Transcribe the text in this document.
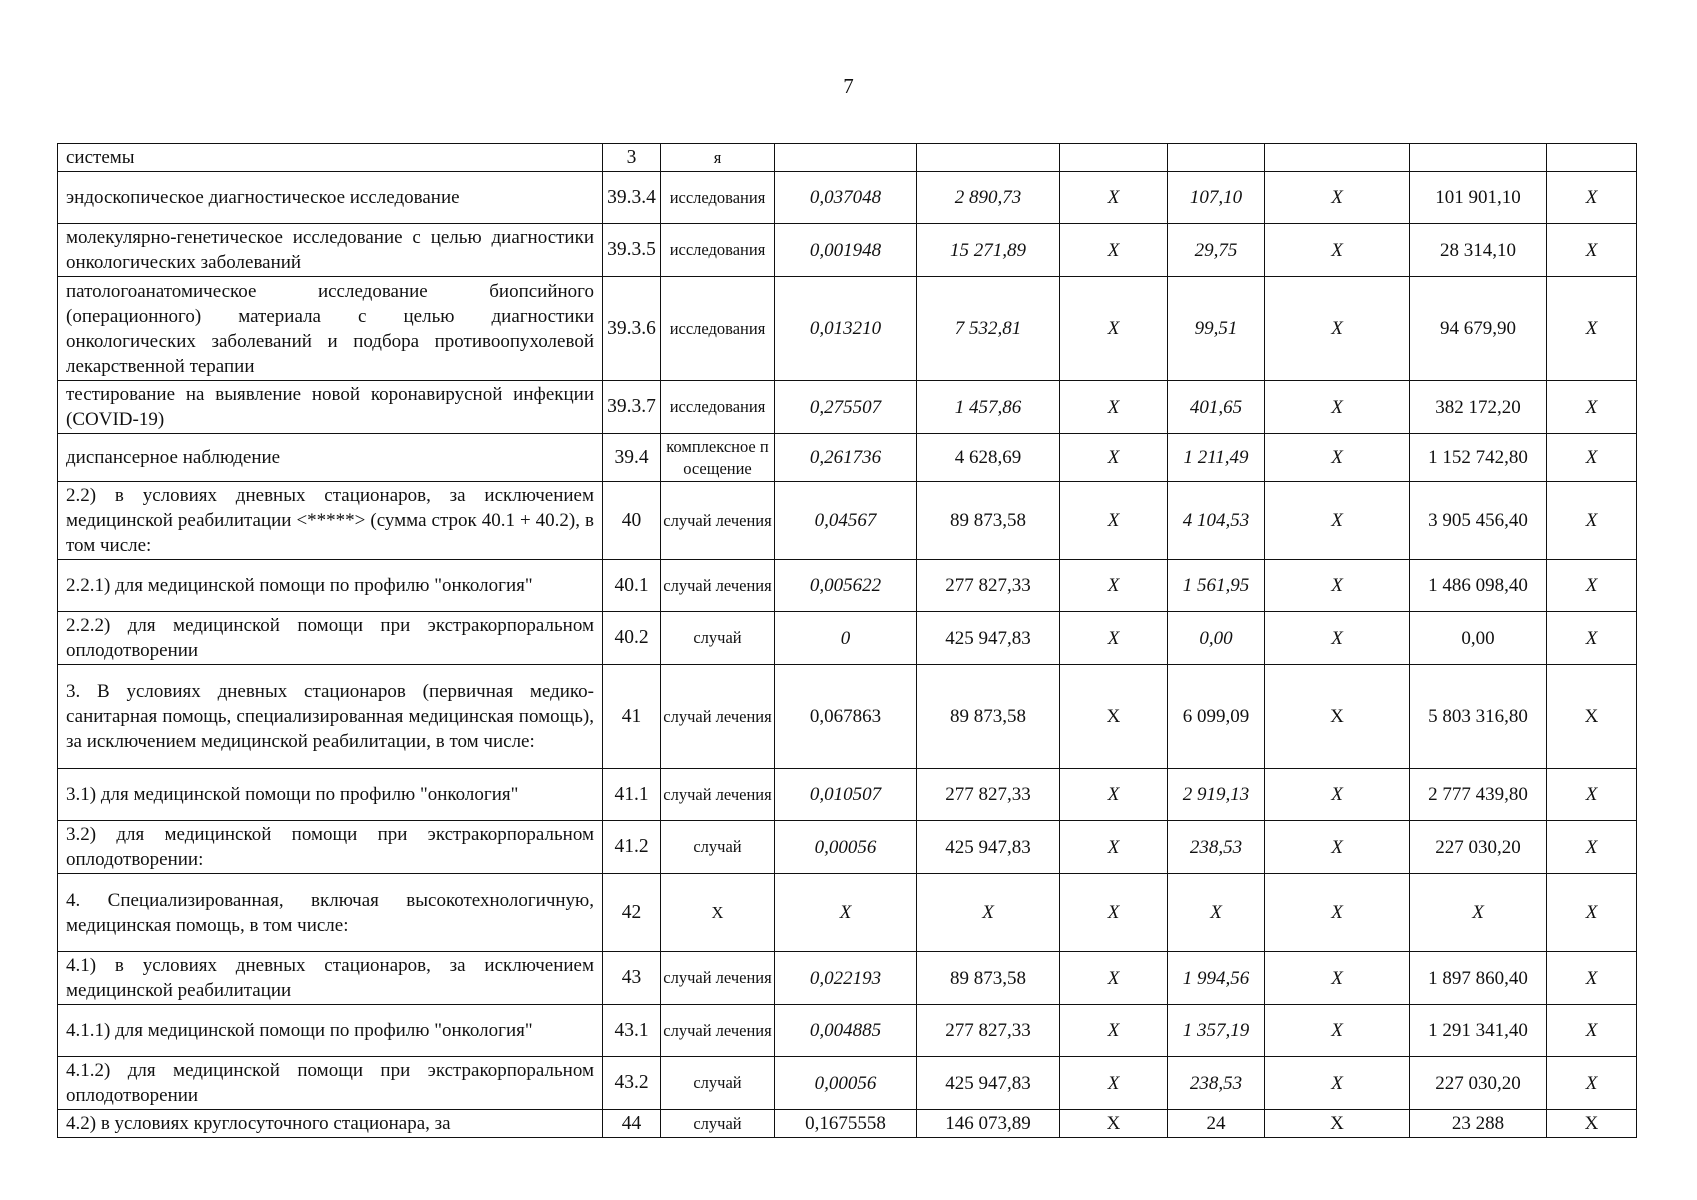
7
системы	3	я							
эндоскопическое диагностическое исследование	39.3.4	исследования	0,037048	2 890,73	X	107,10	X	101 901,10	X
молекулярно-генетическое исследование с целью диагностики онкологических заболеваний	39.3.5	исследования	0,001948	15 271,89	X	29,75	X	28 314,10	X
патологоанатомическое исследование биопсийного (операционного) материала с целью диагностики онкологических заболеваний и подбора противоопухолевой лекарственной терапии	39.3.6	исследования	0,013210	7 532,81	X	99,51	X	94 679,90	X
тестирование на выявление новой коронавирусной инфекции (COVID-19)	39.3.7	исследования	0,275507	1 457,86	X	401,65	X	382 172,20	X
диспансерное наблюдение	39.4	комплексное посещение	0,261736	4 628,69	X	1 211,49	X	1 152 742,80	X
2.2) в условиях дневных стационаров, за исключением медицинской реабилитации <*****> (сумма строк 40.1 + 40.2), в том числе:	40	случай лечения	0,04567	89 873,58	X	4 104,53	X	3 905 456,40	X
2.2.1) для медицинской помощи по профилю "онкология"	40.1	случай лечения	0,005622	277 827,33	X	1 561,95	X	1 486 098,40	X
2.2.2) для медицинской помощи при экстракорпоральном оплодотворении	40.2	случай	0	425 947,83	X	0,00	X	0,00	X
3. В условиях дневных стационаров (первичная медико-санитарная помощь, специализированная медицинская помощь), за исключением медицинской реабилитации, в том числе:	41	случай лечения	0,067863	89 873,58	X	6 099,09	X	5 803 316,80	X
3.1) для медицинской помощи по профилю "онкология"	41.1	случай лечения	0,010507	277 827,33	X	2 919,13	X	2 777 439,80	X
3.2) для медицинской помощи при экстракорпоральном оплодотворении:	41.2	случай	0,00056	425 947,83	X	238,53	X	227 030,20	X
4. Специализированная, включая высокотехнологичную, медицинская помощь, в том числе:	42	X	X	X	X	X	X	X	X
4.1) в условиях дневных стационаров, за исключением медицинской реабилитации	43	случай лечения	0,022193	89 873,58	X	1 994,56	X	1 897 860,40	X
4.1.1) для медицинской помощи по профилю "онкология"	43.1	случай лечения	0,004885	277 827,33	X	1 357,19	X	1 291 341,40	X
4.1.2) для медицинской помощи при экстракорпоральном оплодотворении	43.2	случай	0,00056	425 947,83	X	238,53	X	227 030,20	X
4.2) в условиях круглосуточного стационара, за	44	случай	0,1675558	146 073,89	X	24	X	23 288	X
